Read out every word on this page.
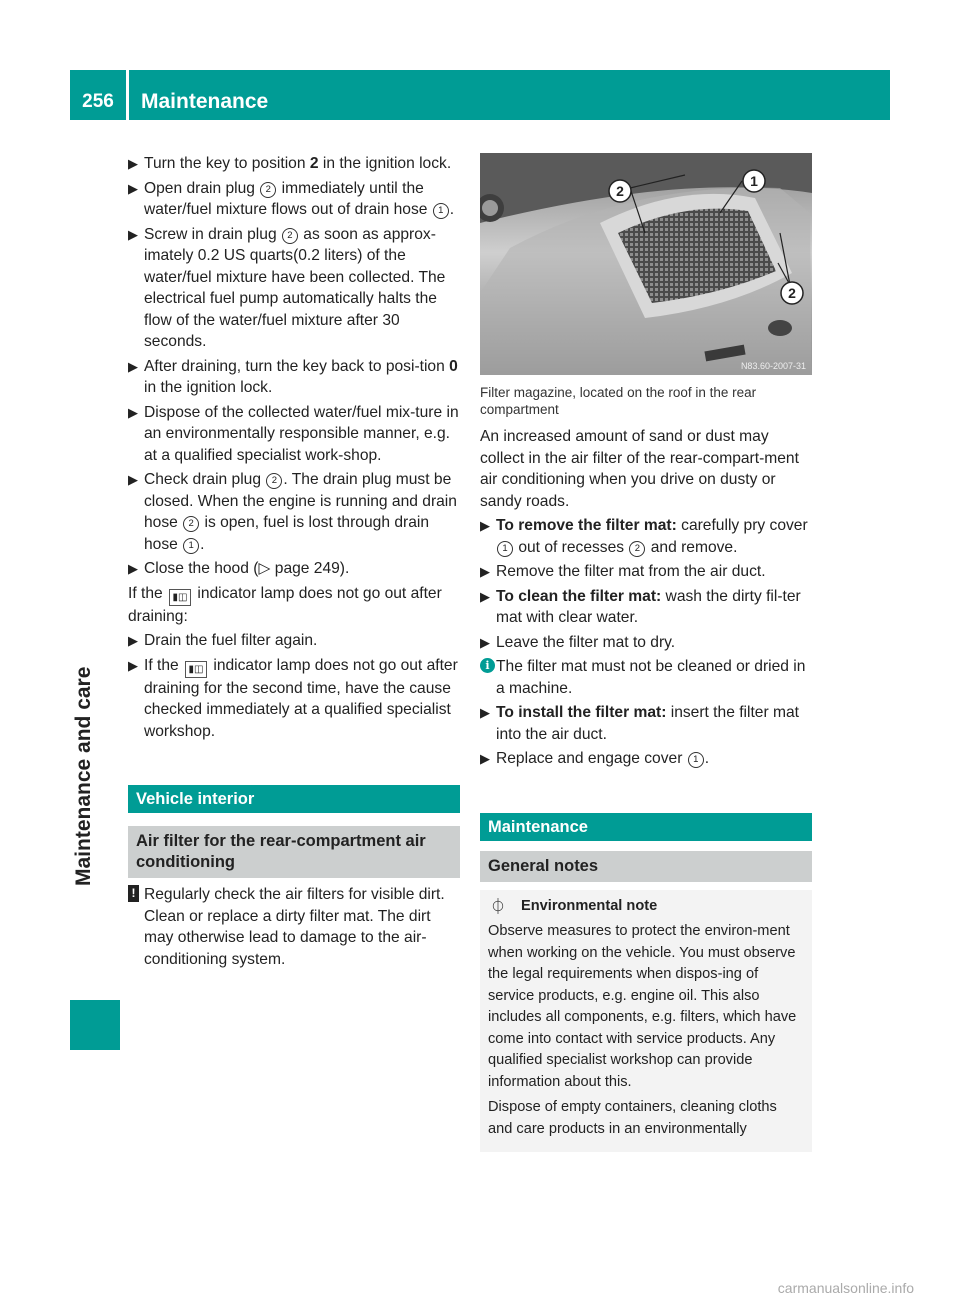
256	Maintenance
Maintenance and care
▶ Turn the key to position 2 in the ignition lock.
▶ Open drain plug 2 immediately until the water/fuel mixture flows out of drain hose 1 .
▶ Screw in drain plug 2 as soon as approx-imately 0.2 US quarts(0.2 liters) of the water/fuel mixture have been collected. The electrical fuel pump automatically halts the flow of the water/fuel mixture after 30 seconds.
▶ After draining, turn the key back to posi-tion 0 in the ignition lock.
▶ Dispose of the collected water/fuel mix-ture in an environmentally responsible manner, e.g. at a qualified specialist work-shop.
▶ Check drain plug 2 . The drain plug must be closed. When the engine is running and drain hose 2 is open, fuel is lost through drain hose 1 .
▶ Close the hood (▷ page 249).
If the ▮◫ indicator lamp does not go out after draining:
▶ Drain the fuel filter again.
▶ If the ▮◫ indicator lamp does not go out after draining for the second time, have the cause checked immediately at a qualified specialist workshop.
Vehicle interior
Air filter for the rear-compartment air conditioning
! Regularly check the air filters for visible dirt. Clean or replace a dirty filter mat. The dirt may otherwise lead to damage to the air-conditioning system.
2
1
2
N83.60-2007-31
Filter magazine, located on the roof in the rear compartment
An increased amount of sand or dust may collect in the air filter of the rear-compart-ment air conditioning when you drive on dusty or sandy roads.
▶ To remove the filter mat: carefully pry cover 1 out of recesses 2 and remove.
▶ Remove the filter mat from the air duct.
▶ To clean the filter mat: wash the dirty fil-ter mat with clear water.
▶ Leave the filter mat to dry.
i The filter mat must not be cleaned or dried in a machine.
▶ To install the filter mat: insert the filter mat into the air duct.
▶ Replace and engage cover 1 .
Maintenance
General notes
⏀ Environmental note
Observe measures to protect the environ-ment when working on the vehicle. You must observe the legal requirements when dispos-ing of service products, e.g. engine oil. This also includes all components, e.g. filters, which have come into contact with service products. Any qualified specialist workshop can provide information about this.
Dispose of empty containers, cleaning cloths and care products in an environmentally
carmanualsonline.info
